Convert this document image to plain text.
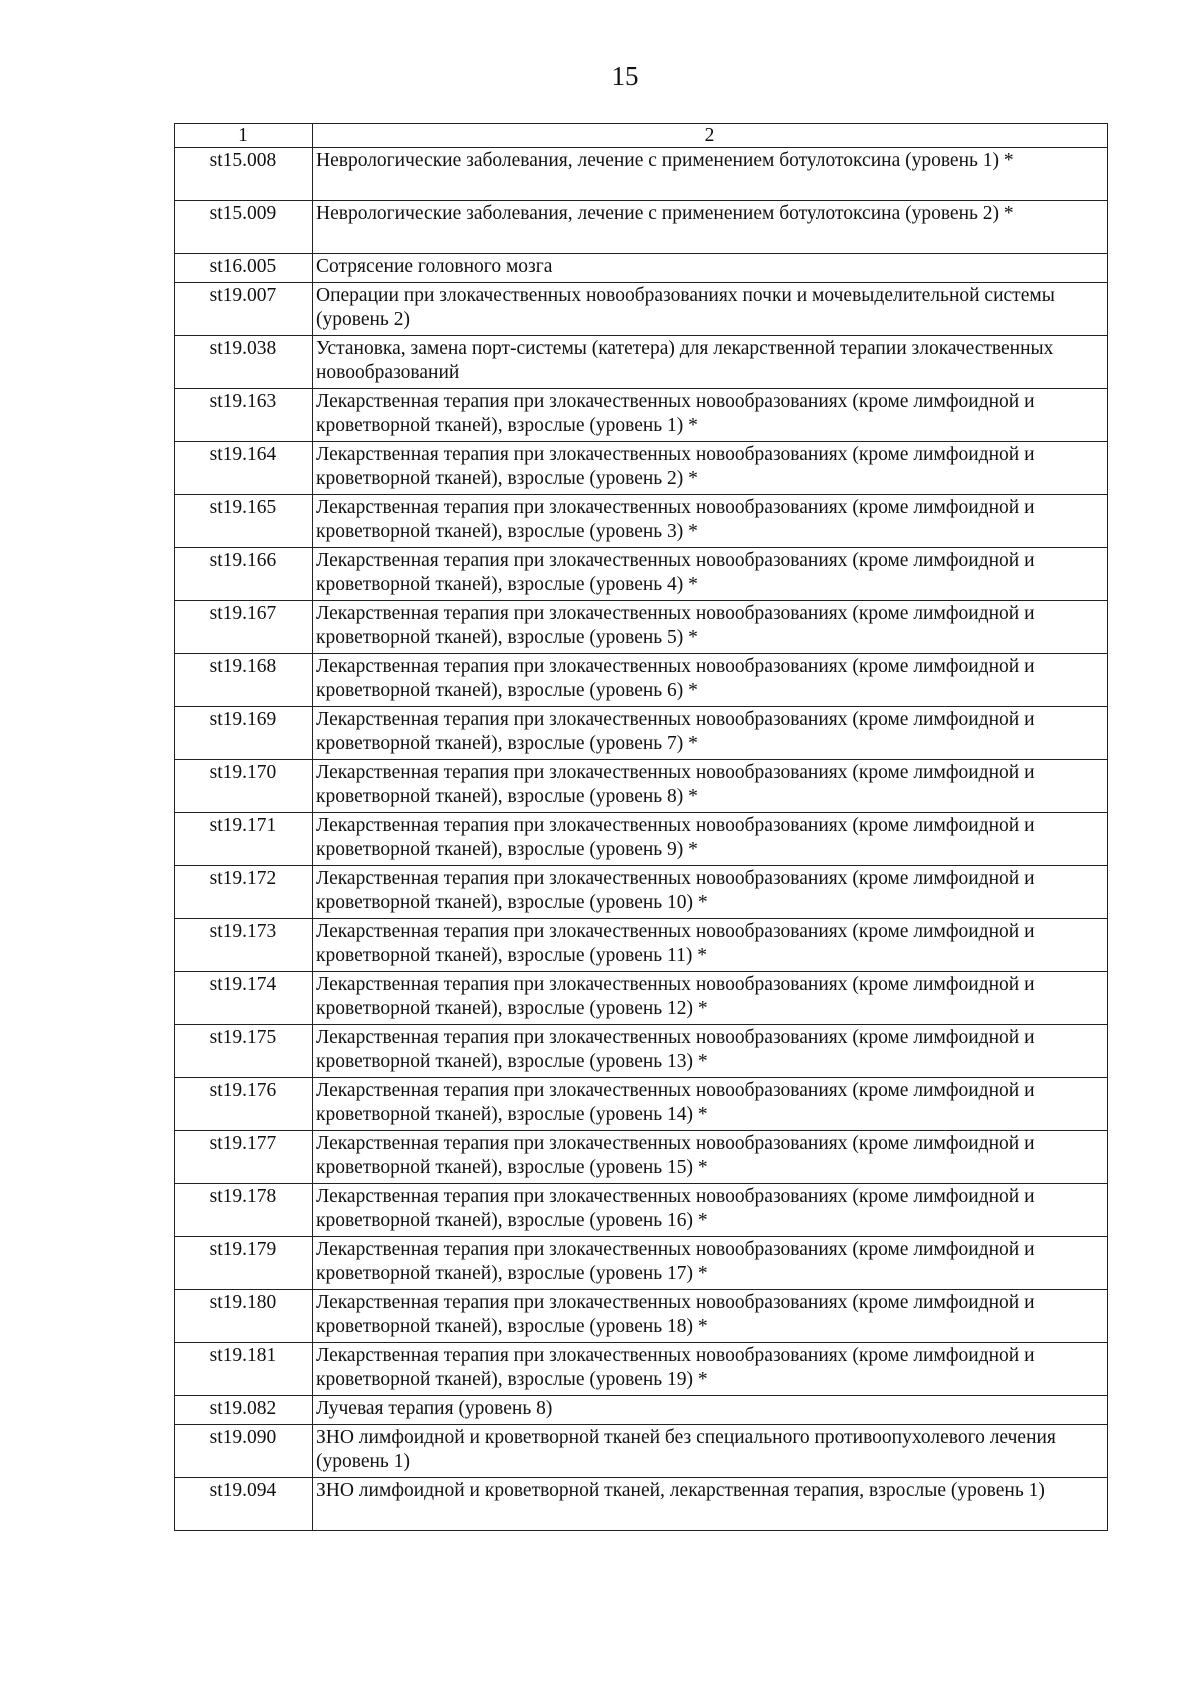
15
1	2
st15.008	Неврологические заболевания, лечение с применением ботулотоксина (уровень 1) *
st15.009	Неврологические заболевания, лечение с применением ботулотоксина (уровень 2) *
st16.005	Сотрясение головного мозга
st19.007	Операции при злокачественных новообразованиях почки и мочевыделительной системы (уровень 2)
st19.038	Установка, замена порт-системы (катетера) для лекарственной терапии злокачественных новообразований
st19.163	Лекарственная терапия при злокачественных новообразованиях (кроме лимфоидной и кроветворной тканей), взрослые (уровень 1) *
st19.164	Лекарственная терапия при злокачественных новообразованиях (кроме лимфоидной и кроветворной тканей), взрослые (уровень 2) *
st19.165	Лекарственная терапия при злокачественных новообразованиях (кроме лимфоидной и кроветворной тканей), взрослые (уровень 3) *
st19.166	Лекарственная терапия при злокачественных новообразованиях (кроме лимфоидной и кроветворной тканей), взрослые (уровень 4) *
st19.167	Лекарственная терапия при злокачественных новообразованиях (кроме лимфоидной и кроветворной тканей), взрослые (уровень 5) *
st19.168	Лекарственная терапия при злокачественных новообразованиях (кроме лимфоидной и кроветворной тканей), взрослые (уровень 6) *
st19.169	Лекарственная терапия при злокачественных новообразованиях (кроме лимфоидной и кроветворной тканей), взрослые (уровень 7) *
st19.170	Лекарственная терапия при злокачественных новообразованиях (кроме лимфоидной и кроветворной тканей), взрослые (уровень 8) *
st19.171	Лекарственная терапия при злокачественных новообразованиях (кроме лимфоидной и кроветворной тканей), взрослые (уровень 9) *
st19.172	Лекарственная терапия при злокачественных новообразованиях (кроме лимфоидной и кроветворной тканей), взрослые (уровень 10) *
st19.173	Лекарственная терапия при злокачественных новообразованиях (кроме лимфоидной и кроветворной тканей), взрослые (уровень 11) *
st19.174	Лекарственная терапия при злокачественных новообразованиях (кроме лимфоидной и кроветворной тканей), взрослые (уровень 12) *
st19.175	Лекарственная терапия при злокачественных новообразованиях (кроме лимфоидной и кроветворной тканей), взрослые (уровень 13) *
st19.176	Лекарственная терапия при злокачественных новообразованиях (кроме лимфоидной и кроветворной тканей), взрослые (уровень 14) *
st19.177	Лекарственная терапия при злокачественных новообразованиях (кроме лимфоидной и кроветворной тканей), взрослые (уровень 15) *
st19.178	Лекарственная терапия при злокачественных новообразованиях (кроме лимфоидной и кроветворной тканей), взрослые (уровень 16) *
st19.179	Лекарственная терапия при злокачественных новообразованиях (кроме лимфоидной и кроветворной тканей), взрослые (уровень 17) *
st19.180	Лекарственная терапия при злокачественных новообразованиях (кроме лимфоидной и кроветворной тканей), взрослые (уровень 18) *
st19.181	Лекарственная терапия при злокачественных новообразованиях (кроме лимфоидной и кроветворной тканей), взрослые (уровень 19) *
st19.082	Лучевая терапия (уровень 8)
st19.090	ЗНО лимфоидной и кроветворной тканей без специального противоопухолевого лечения (уровень 1)
st19.094	ЗНО лимфоидной и кроветворной тканей, лекарственная терапия, взрослые (уровень 1)
